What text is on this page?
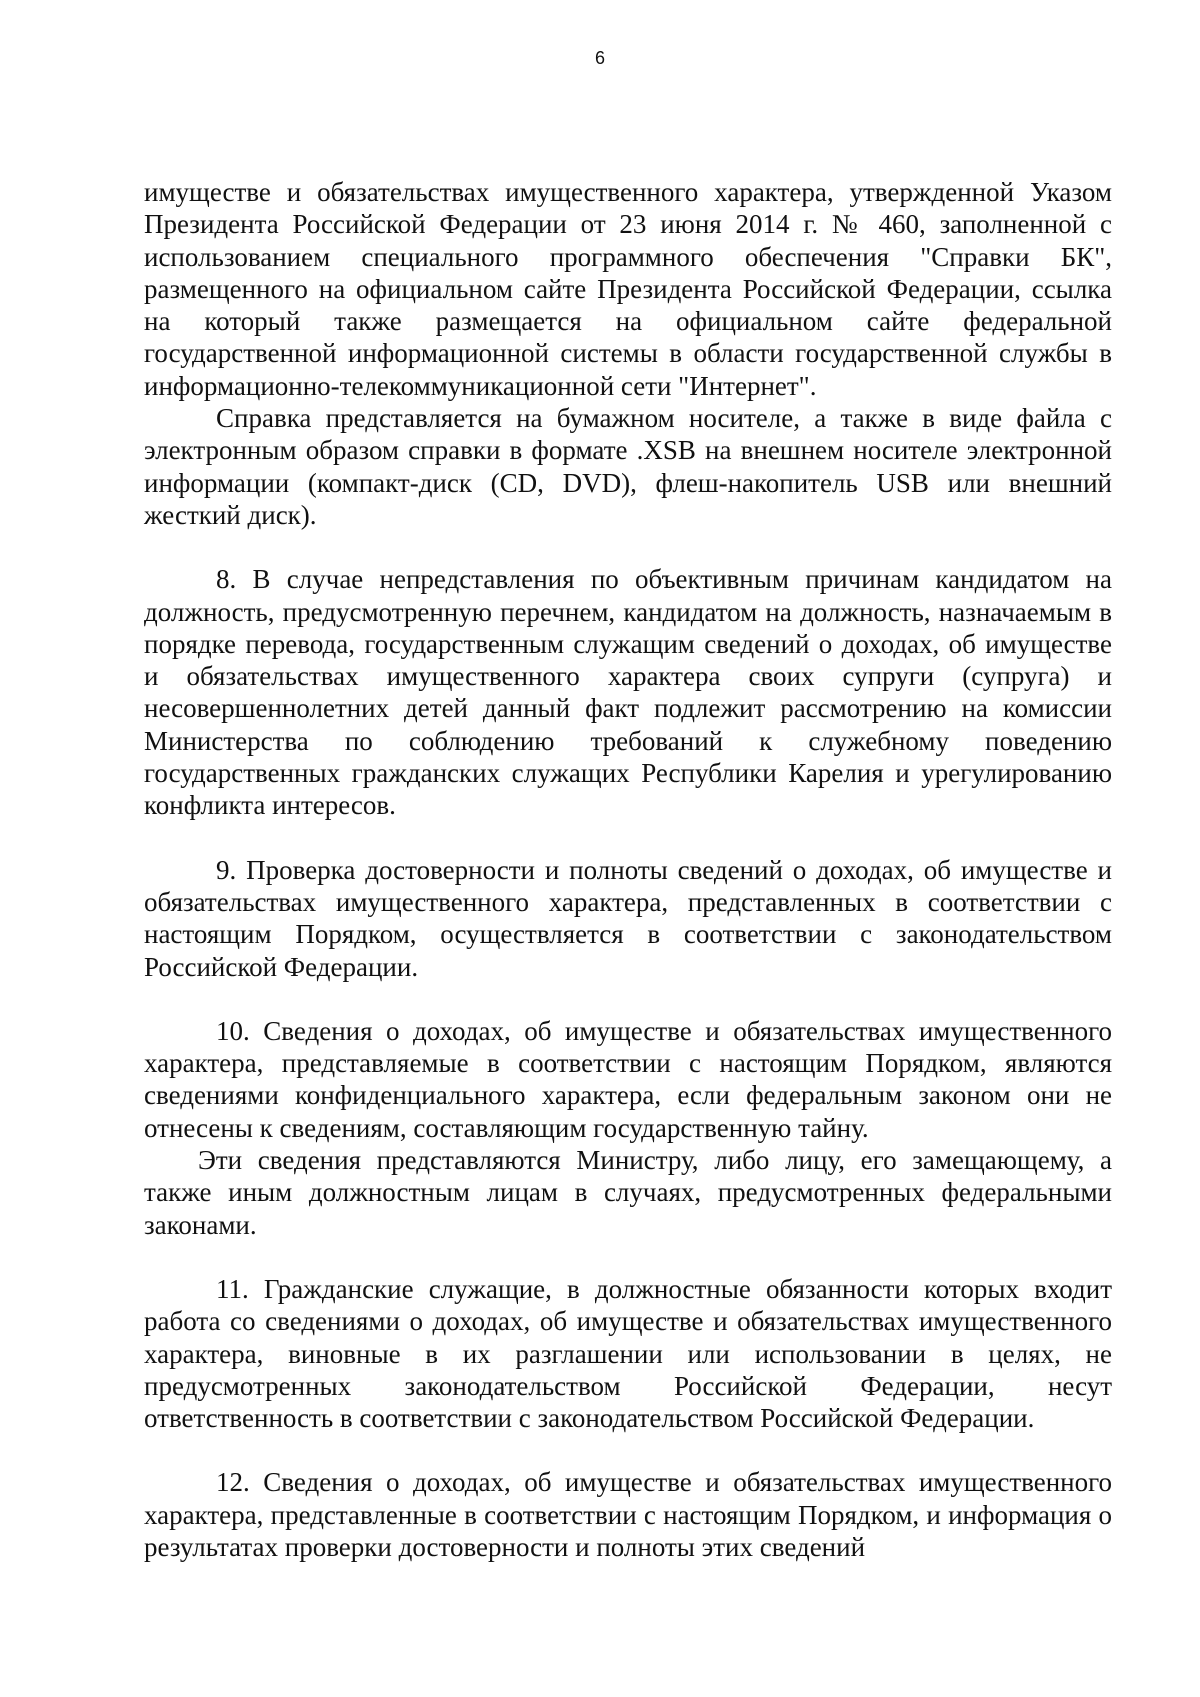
6

имуществе и обязательствах имущественного характера, утвержденной Указом Президента Российской Федерации от 23 июня 2014 г. № 460, заполненной с использованием специального программного обеспечения "Справки БК", размещенного на официальном сайте Президента Российской Федерации, ссылка на который также размещается на официальном сайте федеральной государственной информационной системы в области государственной службы в информационно-телекоммуникационной сети "Интернет".

Справка представляется на бумажном носителе, а также в виде файла с электронным образом справки в формате .XSB на внешнем носителе электронной информации (компакт-диск (CD, DVD), флеш-накопитель USB или внешний жесткий диск).

8. В случае непредставления по объективным причинам кандидатом на должность, предусмотренную перечнем, кандидатом на должность, назначаемым в порядке перевода, государственным служащим сведений о доходах, об имуществе и обязательствах имущественного характера своих супруги (супруга) и несовершеннолетних детей данный факт подлежит рассмотрению на комиссии Министерства по соблюдению требований к служебному поведению государственных гражданских служащих Республики Карелия и урегулированию конфликта интересов.

9. Проверка достоверности и полноты сведений о доходах, об имуществе и обязательствах имущественного характера, представленных в соответствии с настоящим Порядком, осуществляется в соответствии с законодательством Российской Федерации.

10. Сведения о доходах, об имуществе и обязательствах имущественного характера, представляемые в соответствии с настоящим Порядком, являются сведениями конфиденциального характера, если федеральным законом они не отнесены к сведениям, составляющим государственную тайну.

Эти сведения представляются Министру, либо лицу, его замещающему, а также иным должностным лицам в случаях, предусмотренных федеральными законами.

11. Гражданские служащие, в должностные обязанности которых входит работа со сведениями о доходах, об имуществе и обязательствах имущественного характера, виновные в их разглашении или использовании в целях, не предусмотренных законодательством Российской Федерации, несут ответственность в соответствии с законодательством Российской Федерации.

12. Сведения о доходах, об имуществе и обязательствах имущественного характера, представленные в соответствии с настоящим Порядком, и информация о результатах проверки достоверности и полноты этих сведений
